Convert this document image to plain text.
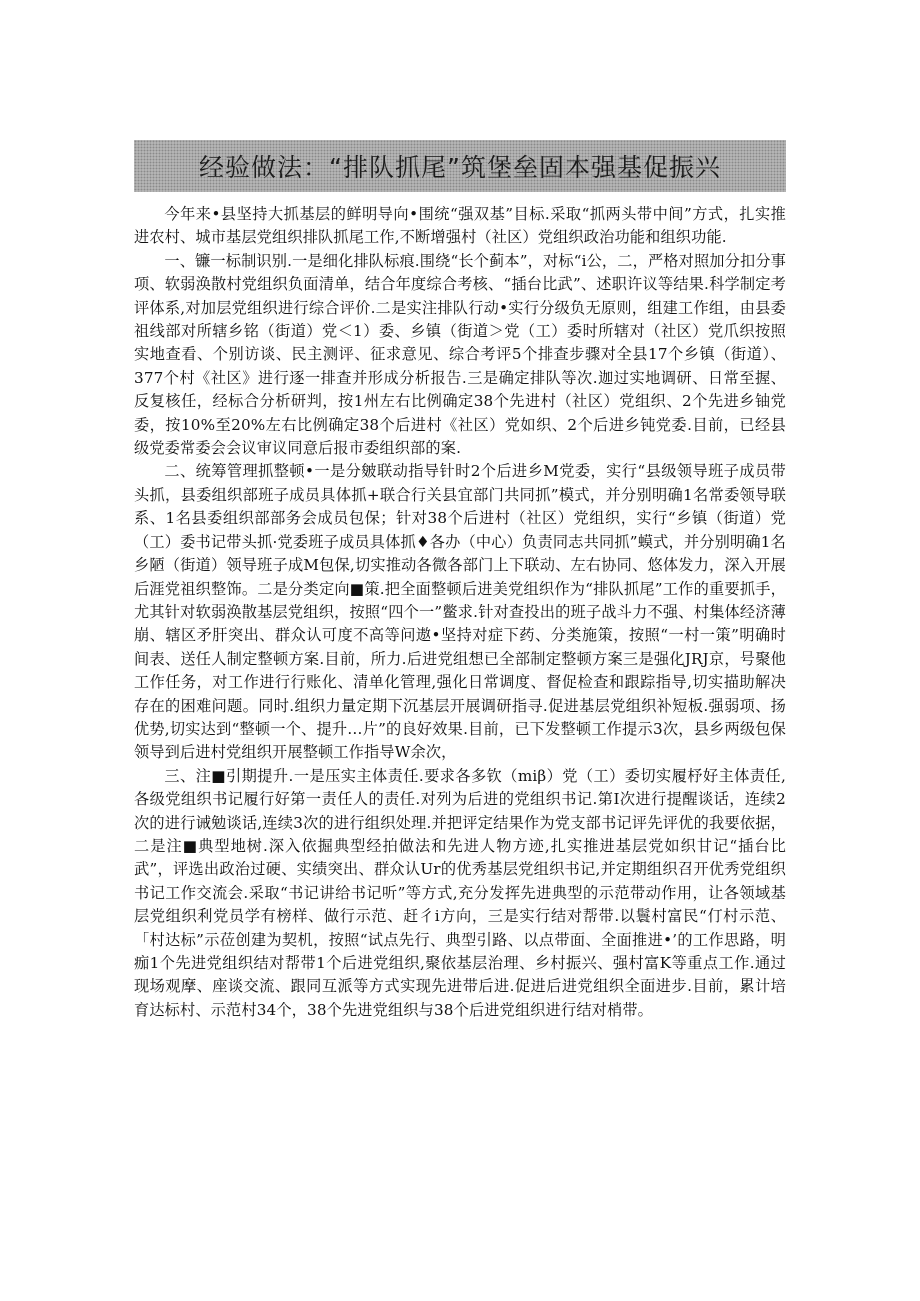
经验做法：“排队抓尾”筑堡垒固本强基促振兴

今年来•县坚持大抓基层的鲜明导向•围统“强双基”目标.采取“抓两头带中间”方式，扎实推进农村、城市基层党组织排队抓尾工作,不断增强村（社区）党组织政治功能和组织功能.

一、镰一标制识别.一是细化排队标痕.围绕“长个蓟本”，对标“i公，二，严格对照加分扣分事项、软弱涣散村党组织负面清单，结合年度综合考核、“插台比武”、述职许议等结果.科学制定考评体系,对加层党组织进行综合评价.二是实注排队行动•实行分级负无原则，组建工作组，由县委祖线部对所辖乡铭（街道）党＜1）委、乡镇（街道＞党（工）委时所辖对（社区）党爪织按照实地查看、个别访谈、民主测评、征求意见、综合考评5个排查步骤对全县17个乡镇（街道）、377个村《社区》进行逐一排查并形成分析报告.三是确定排队等次.迦过实地调研、日常至握、反复核任，经标合分析研判，按1州左右比例确定38个先进村（社区）党组织、2个先进乡铀党委，按10%至20%左右比例确定38个后进村《社区）党如织、2个后进乡钝党委.目前，已经县级党委常委会会议审议同意后报市委组织部的案.

二、统筹管理抓整顿•一是分皴联动指导针时2个后进乡M党委，实行“县级领导班子成员带头抓，县委组织部班子成员具体抓+联合行关县宜部门共同抓”模式，并分别明确1名常委领导联系、1名县委组织部部务会成员包保；针对38个后进村（社区）党组织，实行“乡镇（街道）党（工）委书记带头抓·党委班子成员具体抓♦各办（中心）负责同志共同抓”蟆式，并分别明确1名乡陋（街道）领导班子成M包保,切实推动各微各部门上下联动、左右协同、悠体发力，深入开展后涯党祖织整饰。二是分类定向■策.把全面整顿后进美党组织作为“排队抓尾”工作的重要抓手，尤其针对软弱涣散基层党组织，按照“四个一”鳖求.针对查投出的班子战斗力不强、村集体经济薄崩、辖区矛肝突出、群众认可度不高等问遨•坚持对症下药、分类施策，按照“一村一策”明确时间表、送任人制定整顿方案.目前，所力.后进党组想已全部制定整顿方案三是强化JRJ京，号聚他工作任务，对工作进行行账化、清单化管理,强化日常调度、督促检查和跟踪指导,切实描助解决存在的困难问题。同时.组织力量定期下沉基层开展调研指寻.促进基层党组织补短板.强弱项、扬优势,切实达到“整顿一个、提升…片”的良好效果.目前，已下发整顿工作提示3次，县乡两级包保领导到后进村党组织开展整顿工作指导W余次，

三、注■引期提升.一是压实主体责任.要求各多钦（miβ）党（工）委切实履杼好主体责任,各级党组织书记履行好第一责任人的责任.对列为后进的党组织书记.第I次进行提醒谈话，连续2次的进行诫勉谈话,连续3次的进行组织处理.并把评定结果作为党支部书记评先评优的我要依据，二是注■典型地树.深入依掘典型经拍做法和先进人物方迹,扎实推进基层党如织甘记“插台比武”，评选出政治过硬、实绩突出、群众认Ur的优秀基层党组织书记,并定期组织召开优秀党组织书记工作交流会.采取“书记讲给书记听”等方式,充分发挥先进典型的示范带动作用，让各领域基层党组织利党员学有榜样、做行示范、赶彳i方向，三是实行结对帮带.以鬟村富民“仃村示范、「村达标”示莅创建为契机，按照“试点先行、典型引路、以点带面、全面推进•’的工作思路，明痂1个先进党组织结对帮带1个后进党组织,聚依基层治理、乡村振兴、强村富K等重点工作.通过现场观摩、座谈交流、跟同互派等方式实现先进带后进.促进后进党组织全面进步.目前，累计培育达标村、示范村34个，38个先进党组织与38个后进党组织进行结对梢带。
